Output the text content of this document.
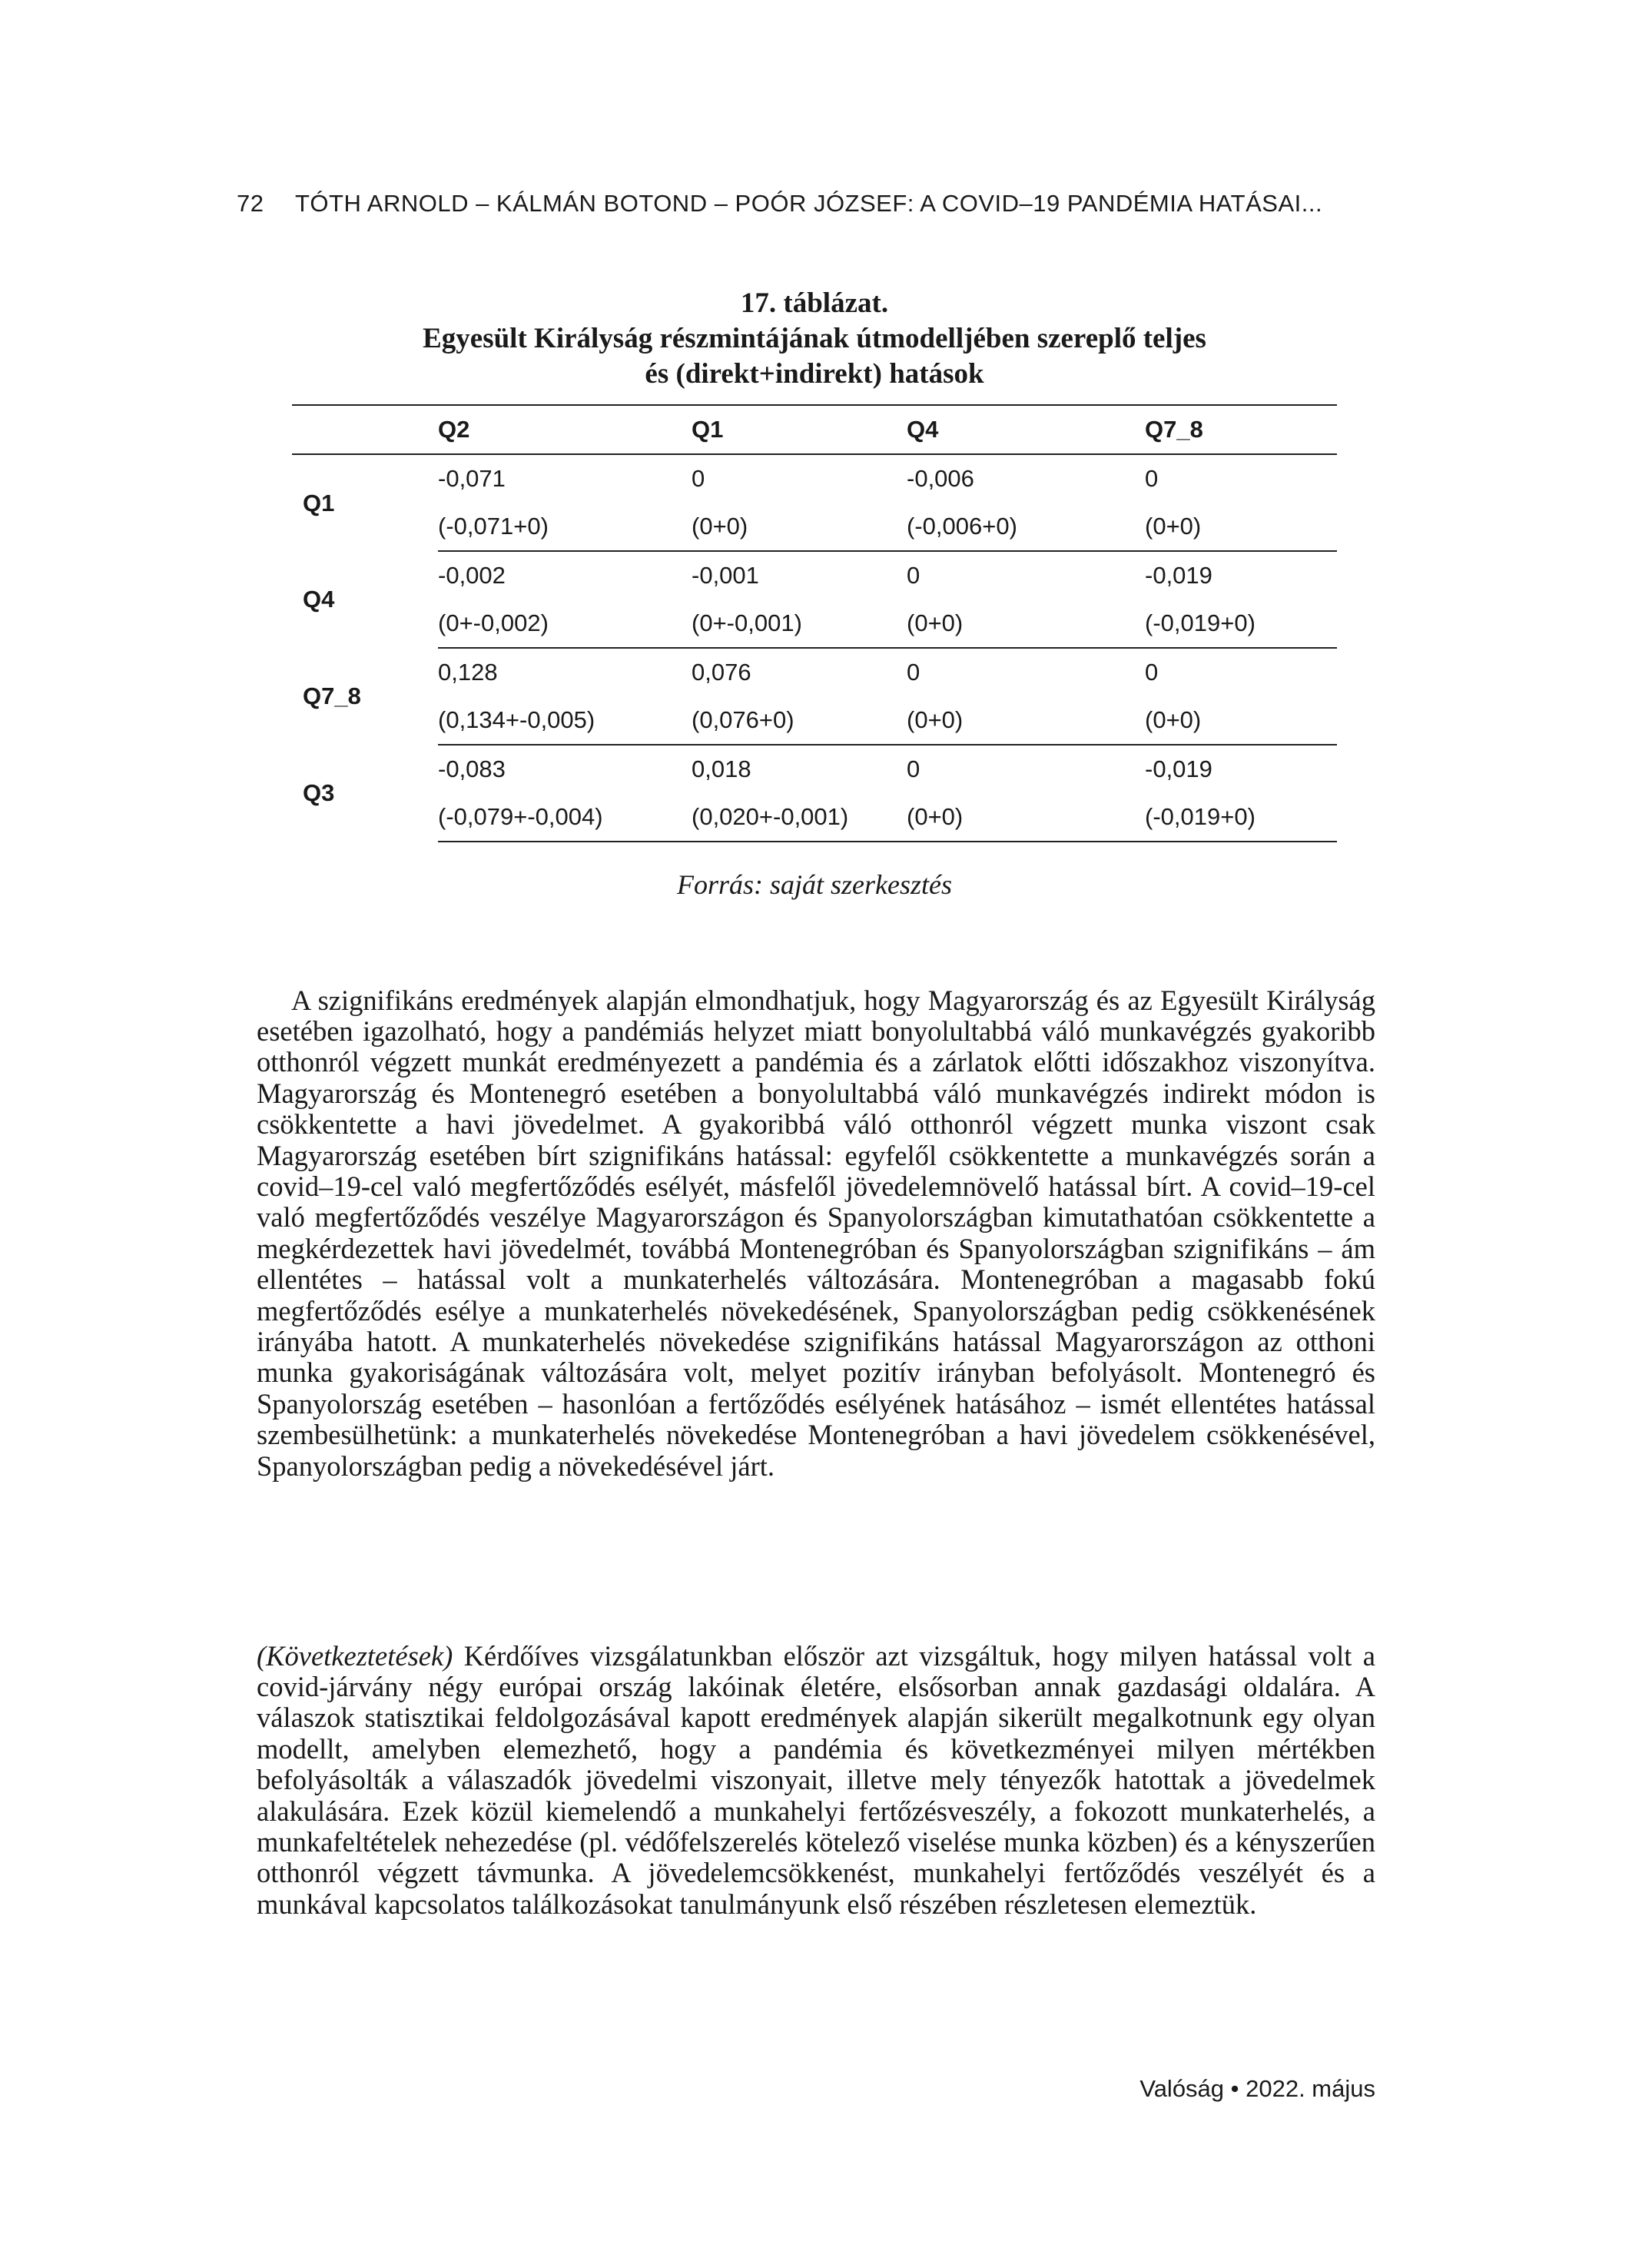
72 TÓTH ARNOLD – KÁLMÁN BOTOND – POÓR JÓZSEF: A COVID–19 PANDÉMIA HATÁSAI...
17. táblázat.
Egyesült Királyság részmintájának útmodelljében szereplő teljes
és (direkt+indirekt) hatások
	Q2	Q1	Q4	Q7_8
Q1	-0,071	0	-0,006	0
	(-0,071+0)	(0+0)	(-0,006+0)	(0+0)
Q4	-0,002	-0,001	0	-0,019
	(0+-0,002)	(0+-0,001)	(0+0)	(-0,019+0)
Q7_8	0,128	0,076	0	0
	(0,134+-0,005)	(0,076+0)	(0+0)	(0+0)
Q3	-0,083	0,018	0	-0,019
	(-0,079+-0,004)	(0,020+-0,001)	(0+0)	(-0,019+0)
Forrás: saját szerkesztés

A szignifikáns eredmények alapján elmondhatjuk, hogy Magyarország és az Egyesült Királyság esetében igazolható, hogy a pandémiás helyzet miatt bonyolultabbá váló munkavégzés gyakoribb otthonról végzett munkát eredményezett a pandémia és a zárlatok előtti időszakhoz viszonyítva. Magyarország és Montenegró esetében a bonyolultabbá váló munkavégzés indirekt módon is csökkentette a havi jövedelmet. A gyakoribbá váló otthonról végzett munka viszont csak Magyarország esetében bírt szignifikáns hatással: egyfelől csökkentette a munkavégzés során a covid–19-cel való megfertőződés esélyét, másfelől jövedelemnövelő hatással bírt. A covid–19-cel való megfertőződés veszélye Magyarországon és Spanyolországban kimutathatóan csökkentette a megkérdezettek havi jövedelmét, továbbá Montenegróban és Spanyolországban szignifikáns – ám ellentétes – hatással volt a munkaterhelés változására. Montenegróban a magasabb fokú megfertőződés esélye a munkaterhelés növekedésének, Spanyolországban pedig csökkenésének irányába hatott. A munkaterhelés növekedése szignifikáns hatással Magyarországon az otthoni munka gyakoriságának változására volt, melyet pozitív irányban befolyásolt. Montenegró és Spanyolország esetében – hasonlóan a fertőződés esélyének hatásához – ismét ellentétes hatással szembesülhetünk: a munkaterhelés növekedése Montenegróban a havi jövedelem csökkenésével, Spanyolországban pedig a növekedésével járt.

(Következtetések) Kérdőíves vizsgálatunkban először azt vizsgáltuk, hogy milyen hatással volt a covid-járvány négy európai ország lakóinak életére, elsősorban annak gazdasági oldalára. A válaszok statisztikai feldolgozásával kapott eredmények alapján sikerült megalkotnunk egy olyan modellt, amelyben elemezhető, hogy a pandémia és következményei milyen mértékben befolyásolták a válaszadók jövedelmi viszonyait, illetve mely tényezők hatottak a jövedelmek alakulására. Ezek közül kiemelendő a munkahelyi fertőzésveszély, a fokozott munkaterhelés, a munkafeltételek nehezedése (pl. védőfelszerelés kötelező viselése munka közben) és a kényszerűen otthonról végzett távmunka. A jövedelemcsökkenést, munkahelyi fertőződés veszélyét és a munkával kapcsolatos találkozásokat tanulmányunk első részében részletesen elemeztük.

Valóság • 2022. május
